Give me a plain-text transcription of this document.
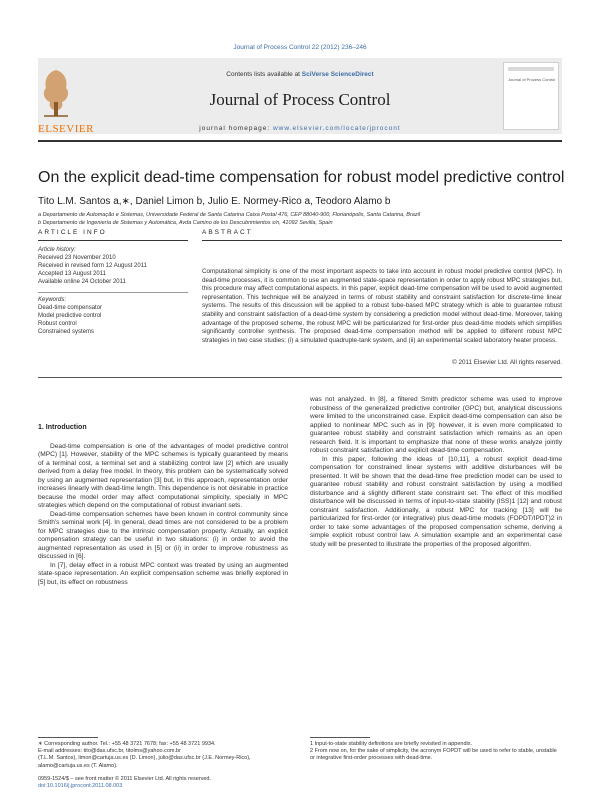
Journal of Process Control 22 (2012) 236–246
ELSEVIER
Contents lists available at SciVerse ScienceDirect
Journal of Process Control
journal homepage: www.elsevier.com/locate/jprocont
Journal of Process Control
On the explicit dead-time compensation for robust model predictive control
Tito L.M. Santos a,∗, Daniel Limon b, Julio E. Normey-Rico a, Teodoro Alamo b
a Departamento de Automação e Sistemas, Universidade Federal de Santa Catarina Caixa Postal 476, CEP 88040-900, Florianópolis, Santa Catarina, Brazil
b Departamento de Ingeniería de Sistemas y Automática, Avda Camino de los Descubrimientos s/n, 41092 Sevilla, Spain
ARTICLE INFO	ABSTRACT
Article history:
Received 23 November 2010
Received in revised form 12 August 2011
Accepted 13 August 2011
Available online 24 October 2011
Keywords:
Dead-time compensator
Model predictive control
Robust control
Constrained systems
Computational simplicity is one of the most important aspects to take into account in robust model predictive control (MPC). In dead-time processes, it is common to use an augmented state-space representation in order to apply robust MPC strategies but, this procedure may affect computational aspects. In this paper, explicit dead-time compensation will be used to avoid augmented representation. This technique will be analyzed in terms of robust stability and constraint satisfaction for discrete-time linear systems. The results of this discussion will be applied to a robust tube-based MPC strategy which is able to guarantee robust stability and constraint satisfaction of a dead-time system by considering a prediction model without dead-time. Moreover, taking advantage of the proposed scheme, the robust MPC will be particularized for first-order plus dead-time models which simplifies significantly controller synthesis. The proposed dead-time compensation method will be applied to different robust MPC strategies in two case studies: (i) a simulated quadruple-tank system, and (ii) an experimental scaled laboratory heater process.
© 2011 Elsevier Ltd. All rights reserved.

1. Introduction

Dead-time compensation is one of the advantages of model predictive control (MPC) [1]. However, stability of the MPC schemes is typically guaranteed by means of a terminal cost, a terminal set and a stabilizing control law [2] which are usually derived from a delay free model. In theory, this problem can be systematically solved by using an augmented representation [3] but, in this approach, representation order increases linearly with dead-time length. This dependence is not desirable in practice because the model order may affect computational simplicity, specially in MPC strategies which depend on the computational of robust invariant sets.

Dead-time compensation schemes have been known in control community since Smith's seminal work [4]. In general, dead times are not considered to be a problem for MPC strategies due to the intrinsic compensation property. Actually, an explicit compensation strategy can be useful in two situations: (i) in order to avoid the augmented representation as used in [5] or (ii) in order to improve robustness as discussed in [6].

In [7], delay effect in a robust MPC context was treated by using an augmented state-space representation. An explicit compensation scheme was briefly explored in [5] but, its effect on robustness

was not analyzed. In [8], a filtered Smith predictor scheme was used to improve robustness of the generalized predictive controller (GPC) but, analytical discussions were limited to the unconstrained case. Explicit dead-time compensation can also be applied to nonlinear MPC such as in [9]; however, it is even more complicated to guarantee robust stability and constraint satisfaction which remains as an open research field. It is important to emphasize that none of these works analyze jointly robust constraint satisfaction and explicit dead-time compensation.

In this paper, following the ideas of [10,11], a robust explicit dead-time compensation for constrained linear systems with additive disturbances will be presented. It will be shown that the dead-time free prediction model can be used to guarantee robust stability and robust constraint satisfaction by using a modified disturbance and a slightly different state constraint set. The effect of this modified disturbance will be discussed in terms of input-to-state stability (ISS)1 [12] and robust constraint satisfaction. Additionally, a robust MPC for tracking [13] will be particularized for first-order (or integrative) plus dead-time models (FOPDT/IPDT)2 in order to take some advantages of the proposed compensation scheme, deriving a simple explicit robust control law. A simulation example and an experimental case study will be presented to illustrate the properties of the proposed algorithm.

∗ Corresponding author. Tel.: +55 48 3721 7678; fax: +55 48 3721 9934.

E-mail addresses: tito@das.ufsc.br, titolms@yahoo.com.br

(T.L.M. Santos), limon@cartuja.us.es (D. Limon), julio@das.ufsc.br (J.E. Normey-Rico),

alamo@cartuja.us.es (T. Alamo).

0959-1524/$ – see front matter © 2011 Elsevier Ltd. All rights reserved.

doi:10.1016/j.jprocont.2011.08.003

1 Input-to-state stability definitions are briefly revisited in appendix.

2 From now on, for the sake of simplicity, the acronym FOPDT will be used to refer to stable, unstable or integrative first-order processes with dead-time.
